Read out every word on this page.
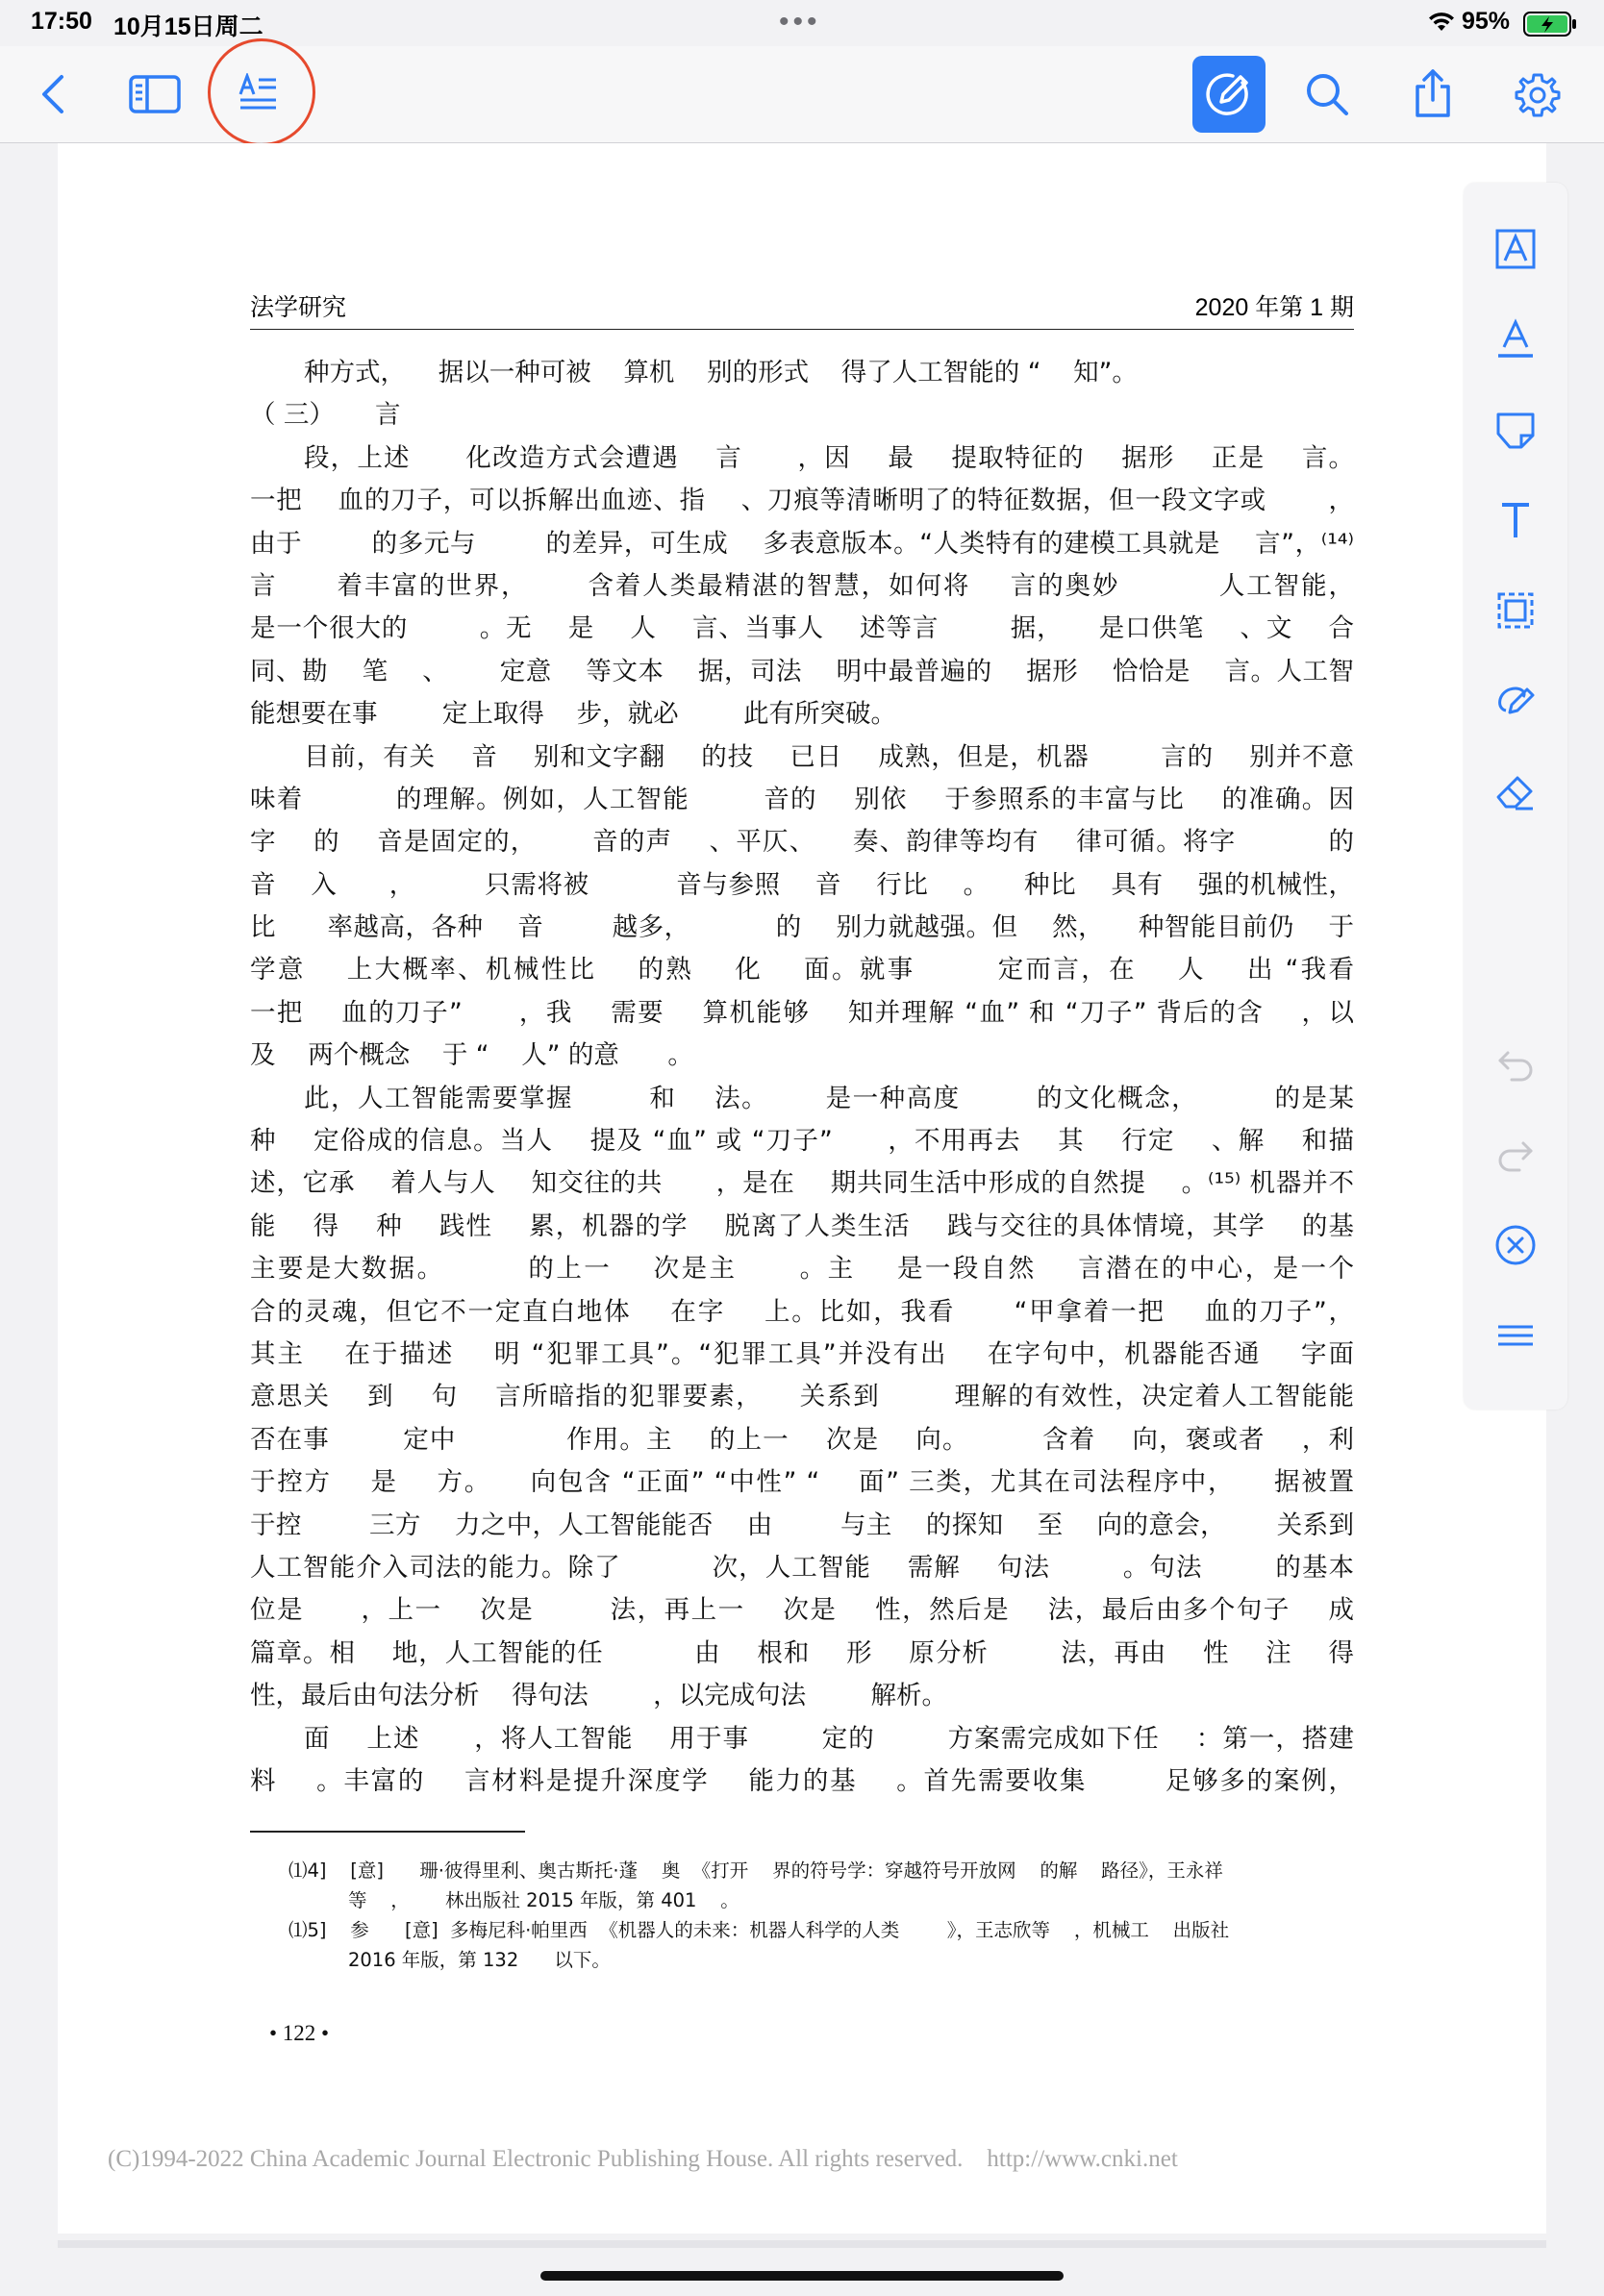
17:50 10月15日周二	•••	95%
法学研究	2020 年第 1 期
种方式，    据以一种可被    算机    别的形式    得了人工智能的 “    知”。
（ 三）     言
段，上述      化改造方式会遭遇    言      ，因    最    提取特征的    据形    正是    言。
一把    血的刀子，可以拆解出血迹、指    、刀痕等清晰明了的特征数据，但一段文字或       ，
由于        的多元与        的差异，可生成    多表意版本。“人类特有的建模工具就是    言”，⁽¹⁴⁾
言      着丰富的世界，      含着人类最精湛的智慧，如何将    言的奥妙          人工智能，
是一个很大的        。无    是    人    言、当事人    述等言        据，    是口供笔    、文    合
同、勘    笔    、      定意    等文本    据，司法    明中最普遍的    据形    恰恰是    言。人工智
能想要在事        定上取得    步，就必        此有所突破。
目前，有关    音    别和文字翻    的技    已日    成熟，但是，机器        言的    别并不意
味着          的理解。例如，人工智能        音的    别依    于参照系的丰富与比    的准确。因
字    的    音是固定的，      音的声    、平仄、    奏、韵律等均有    律可循。将字          的
音    入      ，        只需将被          音与参照    音    行比    。    种比    具有    强的机械性，
比      率越高，各种    音        越多，          的    别力就越强。但    然，    种智能目前仍    于
学意    上大概率、机械性比    的熟    化    面。就事        定而言，在    人    出 “我看
一把    血的刀子”      ，我    需要    算机能够    知并理解 “血” 和 “刀子” 背后的含    ，以
及    两个概念    于 “    人” 的意      。
此，人工智能需要掌握        和    法。      是一种高度        的文化概念，        的是某
种    定俗成的信息。当人    提及 “血” 或 “刀子”      ，不用再去    其    行定    、解    和描
述，它承    着人与人    知交往的共      ，是在    期共同生活中形成的自然提    。⁽¹⁵⁾ 机器并不
能    得    种    践性    累，机器的学    脱离了人类生活    践与交往的具体情境，其学    的基
主要是大数据。        的上一    次是主      。主    是一段自然    言潜在的中心，是一个
合的灵魂，但它不一定直白地体    在字    上。比如，我看      “甲拿着一把    血的刀子”，
其主    在于描述    明 “犯罪工具”。“犯罪工具”并没有出    在字句中，机器能否通    字面
意思关    到    句    言所暗指的犯罪要素，    关系到        理解的有效性，决定着人工智能能
否在事        定中            作用。主    的上一    次是    向。        含着    向，褒或者    ，利
于控方    是    方。    向包含 “正面” “中性” “    面” 三类，尤其在司法程序中，    据被置
于控        三方    力之中，人工智能能否    由        与主    的探知    至    向的意会，      关系到
人工智能介入司法的能力。除了          次，人工智能    需解    句法        。句法        的基本
位是      ，上一    次是        法，再上一    次是    性，然后是    法，最后由多个句子    成
篇章。相    地，人工智能的任          由    根和    形    原分析        法，再由    性    注    得
性，最后由句法分析    得句法        ，以完成句法        解析。
面    上述      ，将人工智能    用于事        定的        方案需完成如下任    ：第一，搭建
料    。丰富的    言材料是提升深度学    能力的基    。首先需要收集        足够多的案例，
⑴4]    [意]      珊·彼得里利、奥古斯托·蓬    奥  《打开    界的符号学：穿越符号开放网    的解    路径》，王永祥
等    ，      林出版社 2015 年版，第 401    。
⑴5]    参      [意]  多梅尼科·帕里西  《机器人的未来：机器人科学的人类        》，王志欣等    ，机械工    出版社
2016 年版，第 132      以下。
• 122 •
(C)1994-2022 China Academic Journal Electronic Publishing House. All rights reserved.    http://www.cnki.net
